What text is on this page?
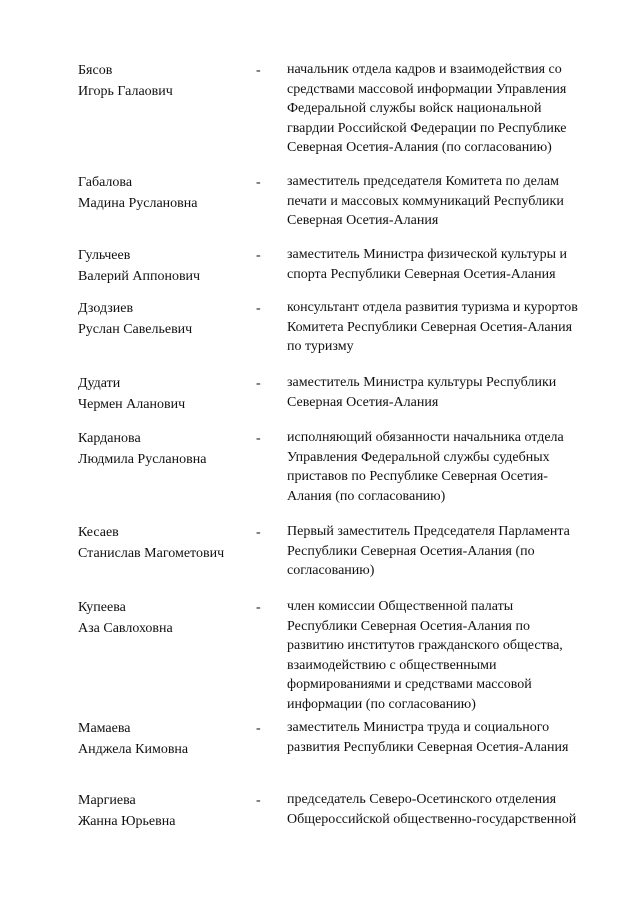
Бясов
Игорь Галаович
- начальник отдела кадров и взаимодействия со
средствами массовой информации Управления
Федеральной службы войск национальной
гвардии Российской Федерации по Республике
Северная Осетия-Алания (по согласованию)
Габалова
Мадина Руслановна
- заместитель председателя Комитета по делам
печати и массовых коммуникаций Республики
Северная Осетия-Алания
Гульчеев
Валерий Аппонович
- заместитель Министра физической культуры и
спорта Республики Северная Осетия-Алания
Дзодзиев
Руслан Савельевич
- консультант отдела развития туризма и курортов
Комитета Республики Северная Осетия-Алания
по туризму
Дудати
Чермен Аланович
- заместитель Министра культуры Республики
Северная Осетия-Алания
Карданова
Людмила Руслановна
- исполняющий обязанности начальника отдела
Управления Федеральной службы судебных
приставов по Республике Северная Осетия-
Алания (по согласованию)
Кесаев
Станислав Магометович
- Первый заместитель Председателя Парламента
Республики Северная Осетия-Алания (по
согласованию)
Купеева
Аза Савлоховна
- член комиссии Общественной палаты
Республики Северная Осетия-Алания по
развитию институтов гражданского общества,
взаимодействию с общественными
формированиями и средствами массовой
информации (по согласованию)
Мамаева
Анджела Кимовна
- заместитель Министра труда и социального
развития Республики Северная Осетия-Алания
Маргиева
Жанна Юрьевна
- председатель Северо-Осетинского отделения
Общероссийской общественно-государственной
